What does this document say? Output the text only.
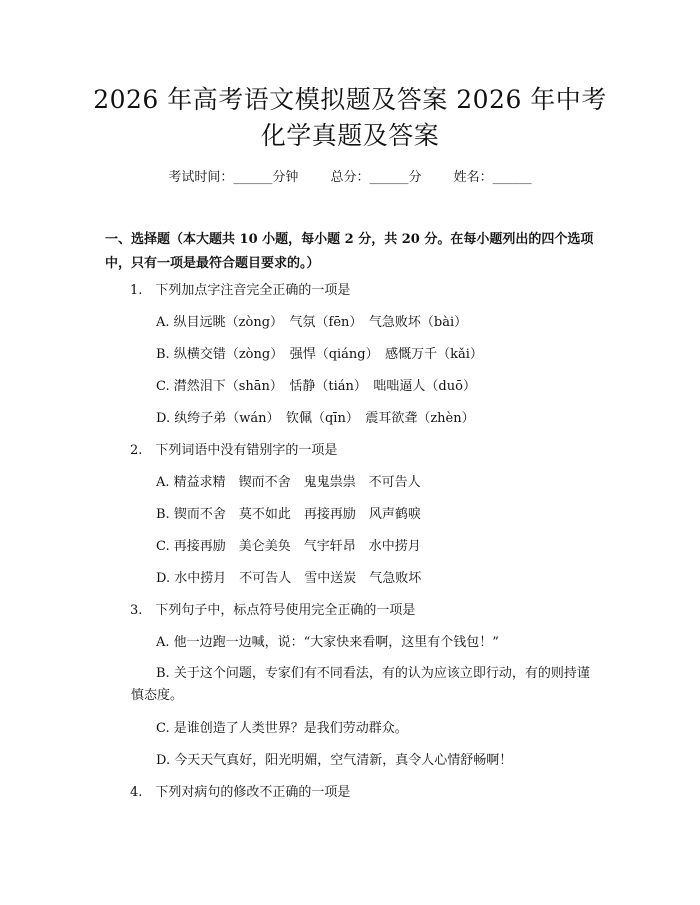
2026 年高考语文模拟题及答案 2026 年中考
化学真题及答案
考试时间：______分钟 总分：______分 姓名：______
一、选择题（本大题共 10 小题，每小题 2 分，共 20 分。在每小题列出的四个选项中，只有一项是最符合题目要求的。）
1.　下列加点字注音完全正确的一项是
A. 纵目远眺（zòng）　气氛（fēn）　气急败坏（bài）
B. 纵横交错（zòng）　强悍（qiáng）　感慨万千（kǎi）
C. 潸然泪下（shān）　恬静（tián）　咄咄逼人（duō）
D. 纨绔子弟（wán）　钦佩（qīn）　震耳欲聋（zhèn）
2.　下列词语中没有错别字的一项是
A. 精益求精　锲而不舍　鬼鬼祟祟　不可告人
B. 锲而不舍　莫不如此　再接再励　风声鹤唳
C. 再接再励　美仑美奂　气宇轩昂　水中捞月
D. 水中捞月　不可告人　雪中送炭　气急败坏
3.　下列句子中，标点符号使用完全正确的一项是
A. 他一边跑一边喊，说：“大家快来看啊，这里有个钱包！”
B. 关于这个问题，专家们有不同看法，有的认为应该立即行动，有的则持谨慎态度。
C. 是谁创造了人类世界？是我们劳动群众。
D. 今天天气真好，阳光明媚，空气清新，真令人心情舒畅啊！
4.　下列对病句的修改不正确的一项是
